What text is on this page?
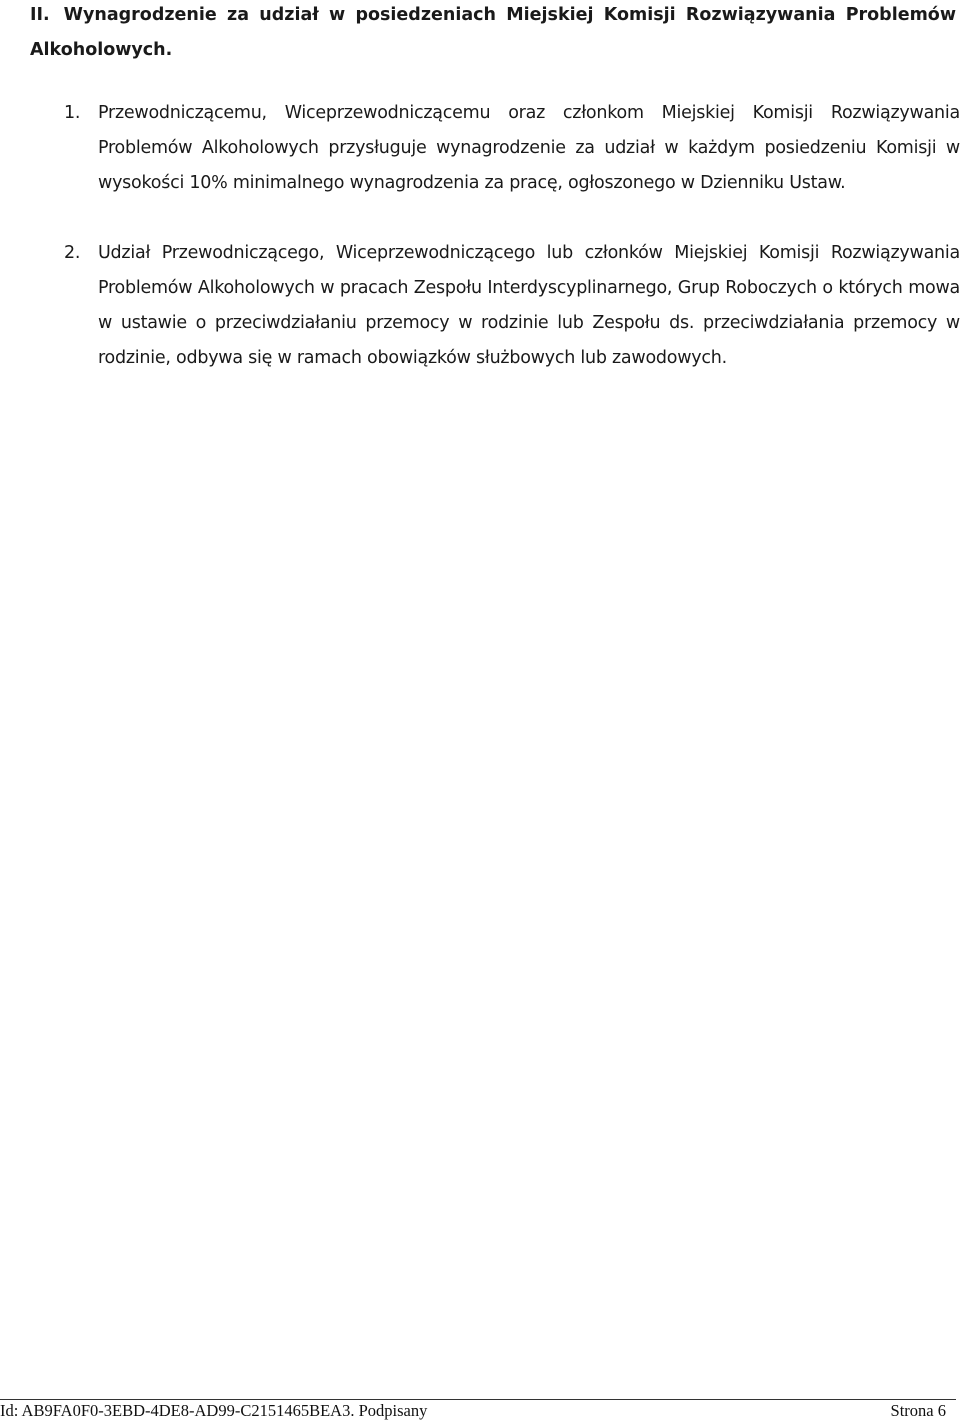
II. Wynagrodzenie za udział w posiedzeniach Miejskiej Komisji Rozwiązywania Problemów Alkoholowych.

1. Przewodniczącemu, Wiceprzewodniczącemu oraz członkom Miejskiej Komisji Rozwiązywania Problemów Alkoholowych przysługuje wynagrodzenie za udział w każdym posiedzeniu Komisji w wysokości 10% minimalnego wynagrodzenia za pracę, ogłoszonego w Dzienniku Ustaw.

2. Udział Przewodniczącego, Wiceprzewodniczącego lub członków Miejskiej Komisji Rozwiązywania Problemów Alkoholowych w pracach Zespołu Interdyscyplinarnego, Grup Roboczych o których mowa w ustawie o przeciwdziałaniu przemocy w rodzinie lub Zespołu ds. przeciwdziałania przemocy w rodzinie, odbywa się w ramach obowiązków służbowych lub zawodowych.

Id: AB9FA0F0-3EBD-4DE8-AD99-C2151465BEA3. Podpisany	Strona 6
